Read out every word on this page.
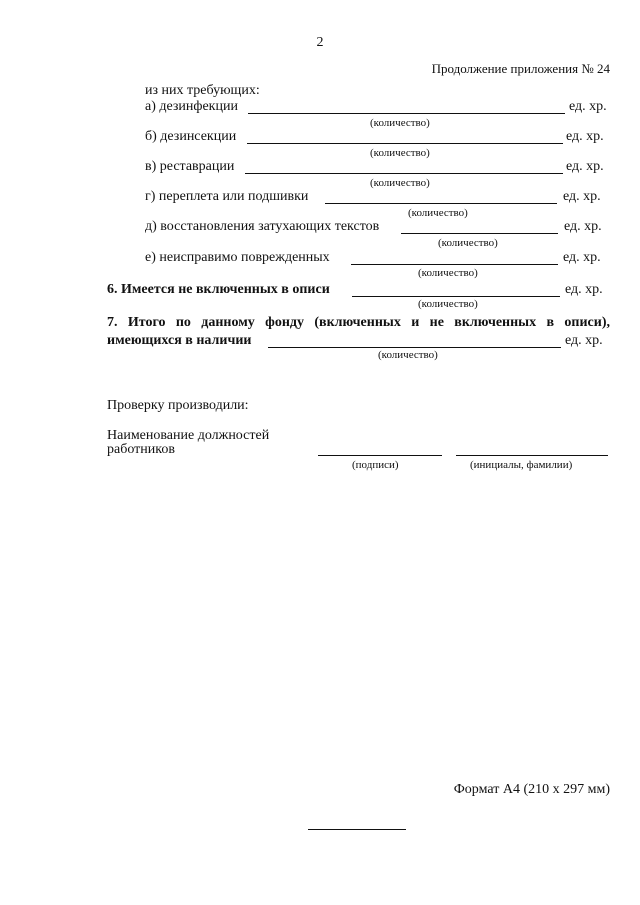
2
Продолжение приложения № 24
из них требующих:
а) дезинфекции	ед. хр.
(количество)
б) дезинсекции	ед. хр.
(количество)
в) реставрации	ед. хр.
(количество)
г) переплета или подшивки	ед. хр.
(количество)
д) восстановления затухающих текстов	ед. хр.
(количество)
е) неисправимо поврежденных	ед. хр.
(количество)
6. Имеется не включенных в описи	ед. хр.
(количество)
7. Итого по данному фонду (включенных и не включенных в описи),
имеющихся в наличии	ед. хр.
(количество)
Проверку производили:
Наименование должностей работников
(подписи)	(инициалы, фамилии)
Формат А4 (210 х 297 мм)
